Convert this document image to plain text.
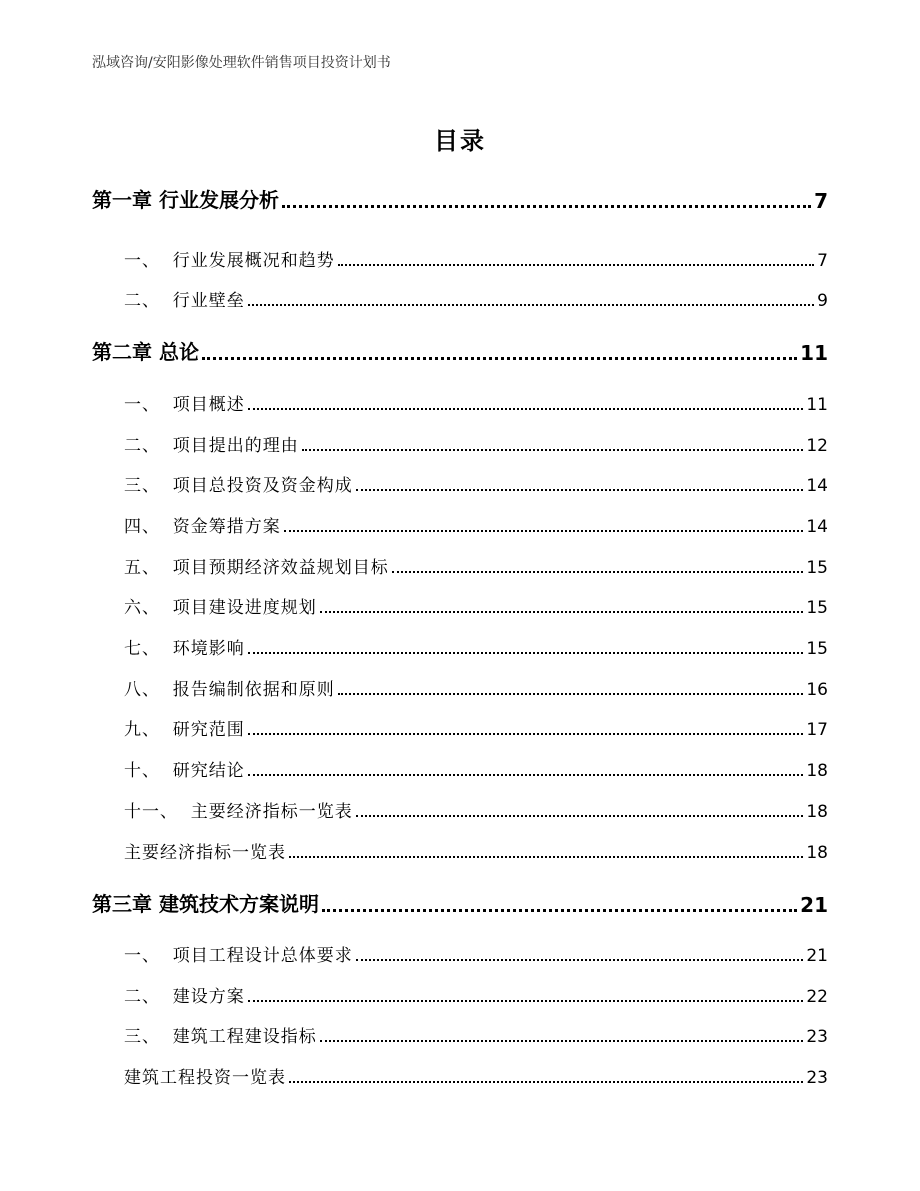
泓域咨询/安阳影像处理软件销售项目投资计划书
目录
第一章 行业发展分析	7
一、  行业发展概况和趋势	7
二、  行业壁垒	9
第二章 总论	11
一、  项目概述	11
二、  项目提出的理由	12
三、  项目总投资及资金构成	14
四、  资金筹措方案	14
五、  项目预期经济效益规划目标	15
六、  项目建设进度规划	15
七、  环境影响	15
八、  报告编制依据和原则	16
九、  研究范围	17
十、  研究结论	18
十一、  主要经济指标一览表	18
主要经济指标一览表	18
第三章 建筑技术方案说明	21
一、  项目工程设计总体要求	21
二、  建设方案	22
三、  建筑工程建设指标	23
建筑工程投资一览表	23
